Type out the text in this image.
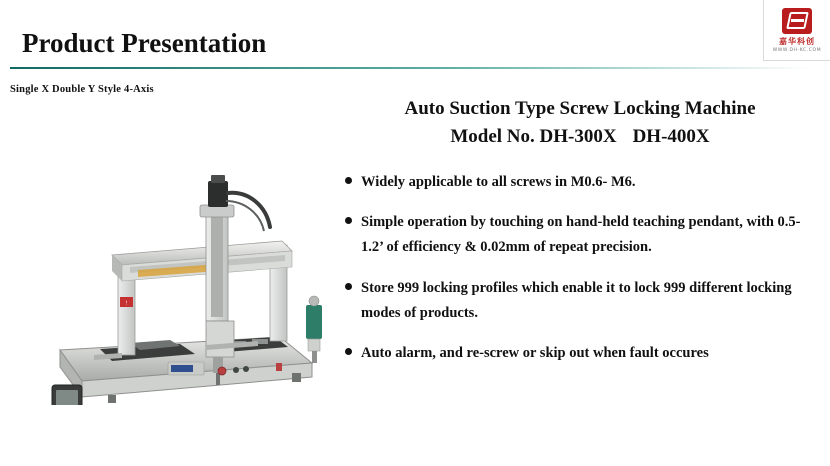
嘉华科创
WWW.DH-KC.COM
Product Presentation
Single X Double Y Style 4-Axis
!
Auto Suction Type Screw Locking Machine
Model No. DH-300X DH-400X
Widely applicable to all screws in M0.6- M6.
Simple operation by touching on hand-held teaching pendant, with 0.5-1.2’ of efficiency & 0.02mm of repeat precision.
Store 999 locking profiles which enable it to lock 999 different locking modes of products.
Auto alarm, and re-screw or skip out when fault occures
